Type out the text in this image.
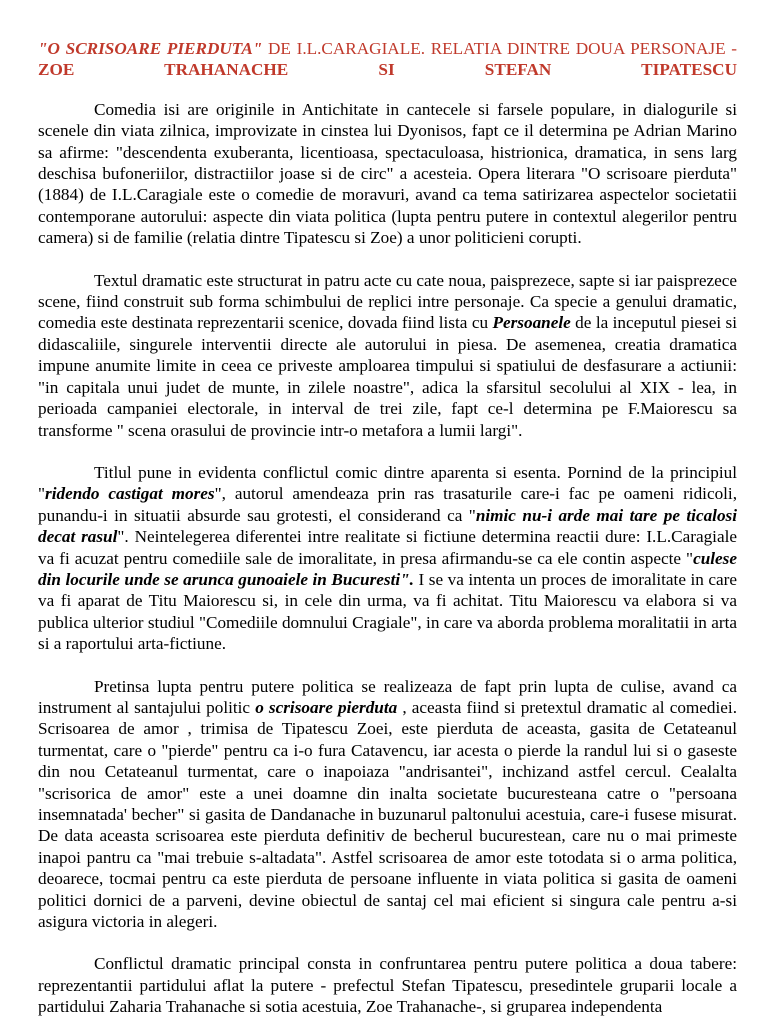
"O SCRISOARE PIERDUTA" DE I.L.CARAGIALE. RELATIA DINTRE DOUA PERSONAJE - ZOE TRAHANACHE SI STEFAN TIPATESCU

Comedia isi are originile in Antichitate in cantecele si farsele populare, in dialogurile si scenele din viata zilnica, improvizate in cinstea lui Dyonisos, fapt ce il determina pe Adrian Marino sa afirme: "descendenta exuberanta, licentioasa, spectaculoasa, histrionica, dramatica, in sens larg deschisa bufoneriilor, distractiilor joase si de circ" a acesteia. Opera literara "O scrisoare pierduta" (1884) de I.L.Caragiale este o comedie de moravuri, avand ca tema satirizarea aspectelor societatii contemporane autorului: aspecte din viata politica (lupta pentru putere in contextul alegerilor pentru camera) si de familie (relatia dintre Tipatescu si Zoe) a unor politicieni corupti.

Textul dramatic este structurat in patru acte cu cate noua, paisprezece, sapte si iar paisprezece scene, fiind construit sub forma schimbului de replici intre personaje. Ca specie a genului dramatic, comedia este destinata reprezentarii scenice, dovada fiind lista cu Persoanele de la inceputul piesei si didascaliile, singurele interventii directe ale autorului in piesa. De asemenea, creatia dramatica impune anumite limite in ceea ce priveste amploarea timpului si spatiului de desfasurare a actiunii: "in capitala unui judet de munte, in zilele noastre", adica la sfarsitul secolului al XIX - lea, in perioada campaniei electorale, in interval de trei zile, fapt ce-l determina pe F.Maiorescu sa transforme " scena orasului de provincie intr-o metafora a lumii largi".

Titlul pune in evidenta conflictul comic dintre aparenta si esenta. Pornind de la principiul "ridendo castigat mores", autorul amendeaza prin ras trasaturile care-i fac pe oameni ridicoli, punandu-i in situatii absurde sau grotesti, el considerand ca "nimic nu-i arde mai tare pe ticalosi decat rasul". Neintelegerea diferentei intre realitate si fictiune determina reactii dure: I.L.Caragiale va fi acuzat pentru comediile sale de imoralitate, in presa afirmandu-se ca ele contin aspecte "culese din locurile unde se arunca gunoaiele in Bucuresti". I se va intenta un proces de imoralitate in care va fi aparat de Titu Maiorescu si, in cele din urma, va fi achitat. Titu Maiorescu va elabora si va publica ulterior studiul "Comediile domnului Cragiale", in care va aborda problema moralitatii in arta si a raportului arta-fictiune.

Pretinsa lupta pentru putere politica se realizeaza de fapt prin lupta de culise, avand ca instrument al santajului politic o scrisoare pierduta , aceasta fiind si pretextul dramatic al comediei. Scrisoarea de amor , trimisa de Tipatescu Zoei, este pierduta de aceasta, gasita de Cetateanul turmentat, care o "pierde" pentru ca i-o fura Catavencu, iar acesta o pierde la randul lui si o gaseste din nou Cetateanul turmentat, care o inapoiaza "andrisantei", inchizand astfel cercul. Cealalta "scrisorica de amor" este a unei doamne din inalta societate bucuresteana catre o "persoana insemnatada' becher" si gasita de Dandanache in buzunarul paltonului acestuia, care-i fusese misurat. De data aceasta scrisoarea este pierduta definitiv de becherul bucurestean, care nu o mai primeste inapoi pantru ca "mai trebuie s-altadata". Astfel scrisoarea de amor este totodata si o arma politica, deoarece, tocmai pentru ca este pierduta de persoane influente in viata politica si gasita de oameni politici dornici de a parveni, devine obiectul de santaj cel mai eficient si singura cale pentru a-si asigura victoria in alegeri.

Conflictul dramatic principal consta in confruntarea pentru putere politica a doua tabere: reprezentantii partidului aflat la putere - prefectul Stefan Tipatescu, presedintele gruparii locale a partidului Zaharia Trahanache si sotia acestuia, Zoe Trahanache-, si gruparea independenta
